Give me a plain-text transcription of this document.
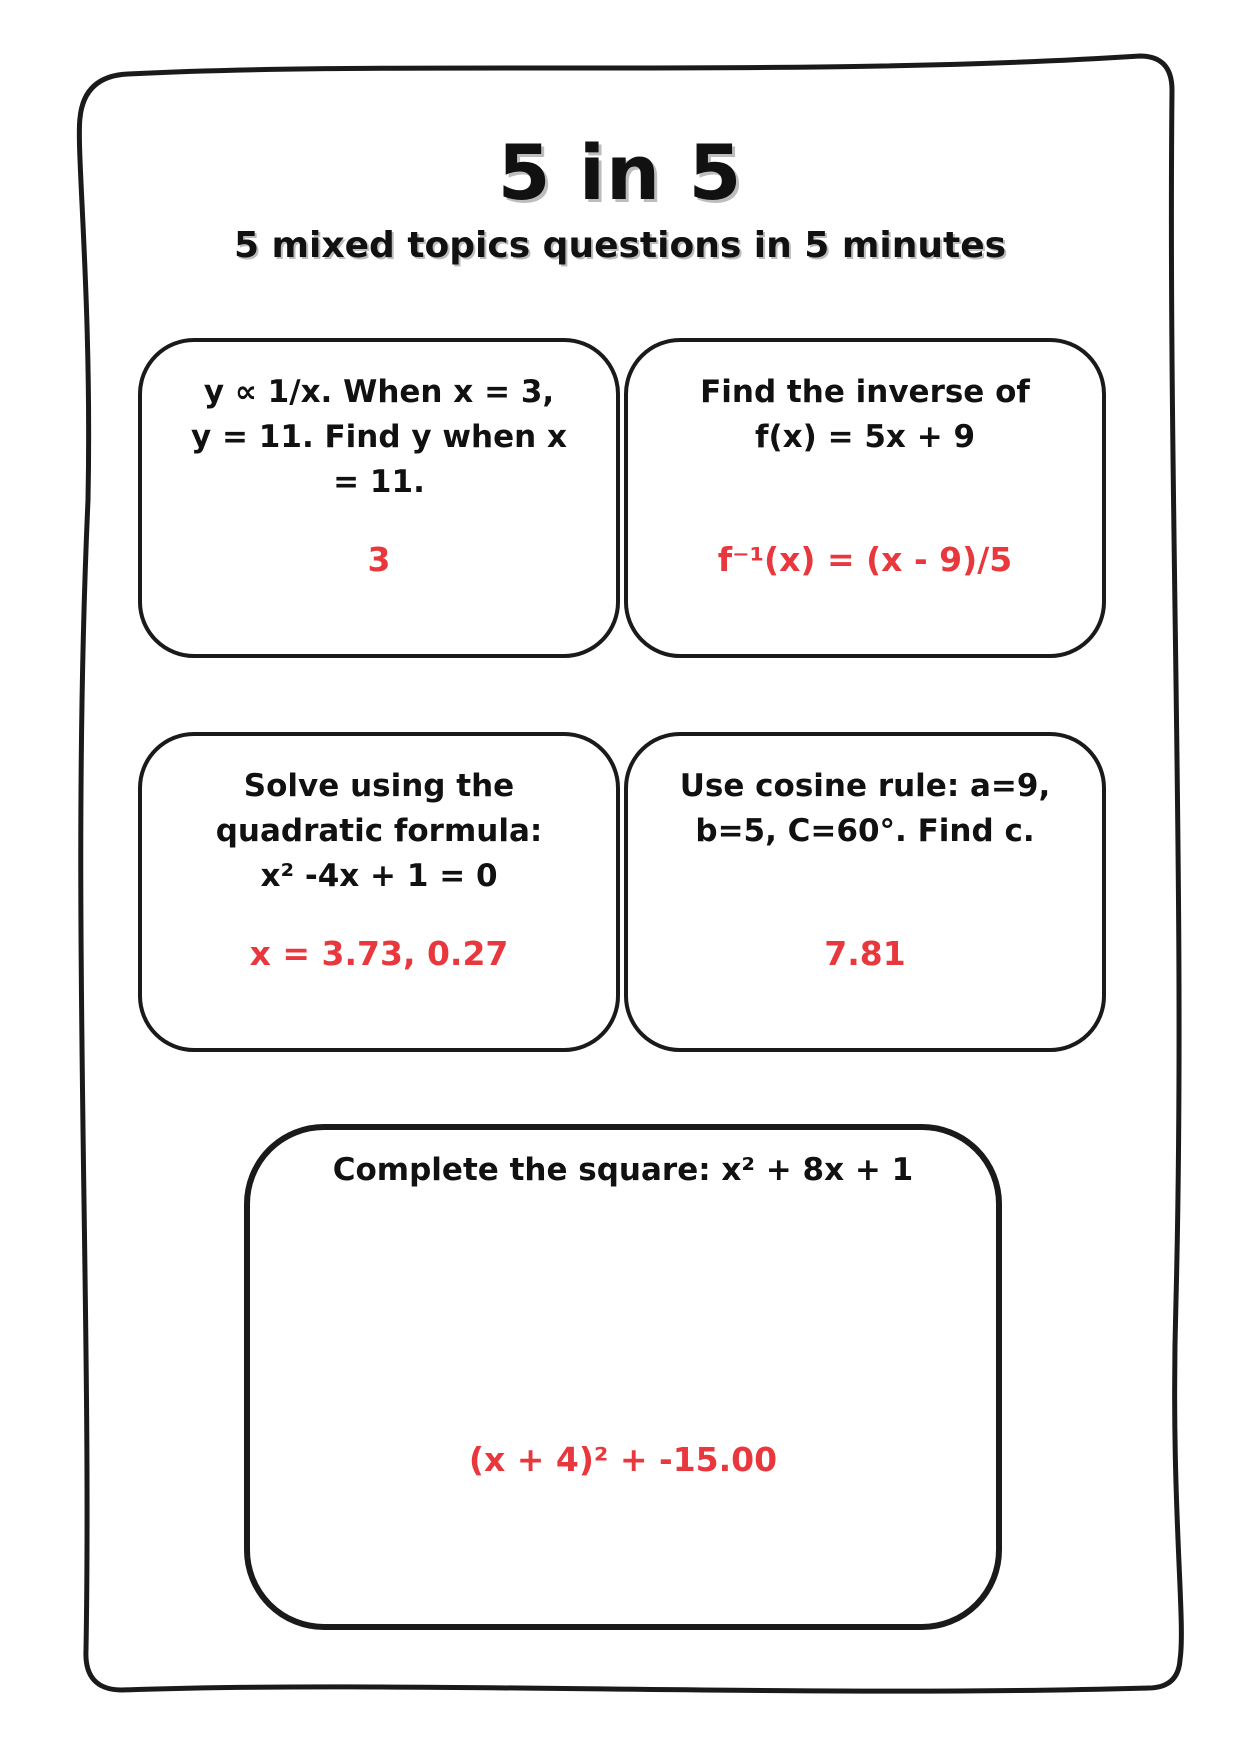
5 in 5
5 mixed topics questions in 5 minutes
y ∝ 1/x. When x = 3,
y = 11. Find y when x
= 11.
3
Find the inverse of
f(x) = 5x + 9
f⁻¹(x) = (x - 9)/5
Solve using the
quadratic formula:
x² -4x + 1 = 0
x = 3.73, 0.27
Use cosine rule: a=9,
b=5, C=60°. Find c.
7.81
Complete the square: x² + 8x + 1
(x + 4)² + -15.00
